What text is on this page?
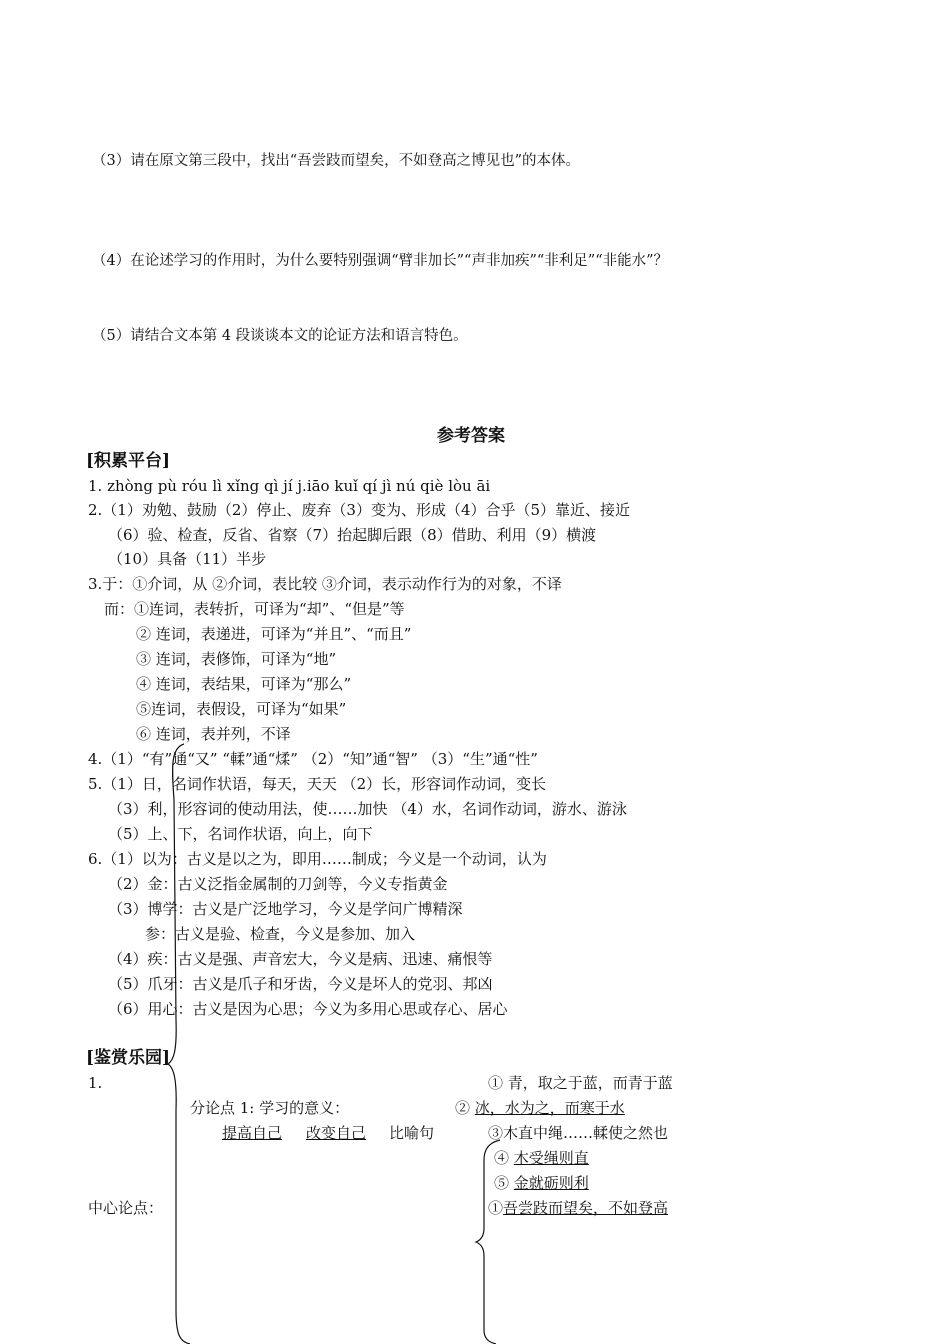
（3）请在原文第三段中，找出“吾尝跂而望矣，不如登高之博见也”的本体。
（4）在论述学习的作用时，为什么要特别强调“臂非加长”“声非加疾”“非利足”“非能水”？
（5）请结合文本第 4 段谈谈本文的论证方法和语言特色。
参考答案
[积累平台]
1. zhòng pù róu lì xǐng qì jí j.iāo kuǐ qí jì nú qiè lòu āi
2.（1）劝勉、鼓励（2）停止、废弃（3）变为、形成（4）合乎（5）靠近、接近
（6）验、检查，反省、省察（7）抬起脚后跟（8）借助、利用（9）横渡
（10）具备（11）半步
3.于：①介词，从 ②介词，表比较 ③介词，表示动作行为的对象，不译
而：①连词，表转折，可译为“却”、“但是”等
② 连词，表递进，可译为“并且”、“而且”
③ 连词，表修饰，可译为“地”
④ 连词，表结果，可译为“那么”
⑤连词，表假设，可译为“如果”
⑥ 连词，表并列，不译
4.（1）“有”通“又” “輮”通“煣” （2）“知”通“智” （3）“生”通“性”
5.（1）日，名词作状语，每天，天天 （2）长，形容词作动词，变长
（3）利，形容词的使动用法，使……加快 （4）水，名词作动词，游水、游泳
（5）上、下，名词作状语，向上，向下
6.（1）以为：古义是以之为，即用……制成；今义是一个动词，认为
（2）金：古义泛指金属制的刀剑等，今义专指黄金
（3）博学：古义是广泛地学习，今义是学问广博精深
参：古义是验、检查，今义是参加、加入
（4）疾：古义是强、声音宏大，今义是病、迅速、痛恨等
（5）爪牙：古义是爪子和牙齿，今义是坏人的党羽、邦凶
（6）用心：古义是因为心思；今义为多用心思或存心、居心
[鉴赏乐园]
1.
中心论点：
分论点 1: 学习的意义：
提高自己 改变自己 比喻句
① 青，取之于蓝，而青于蓝
② 冰，水为之，而寒于水
③木直中绳……輮使之然也
④ 木受绳则直
⑤ 金就砺则利
①吾尝跂而望矣，不如登高
